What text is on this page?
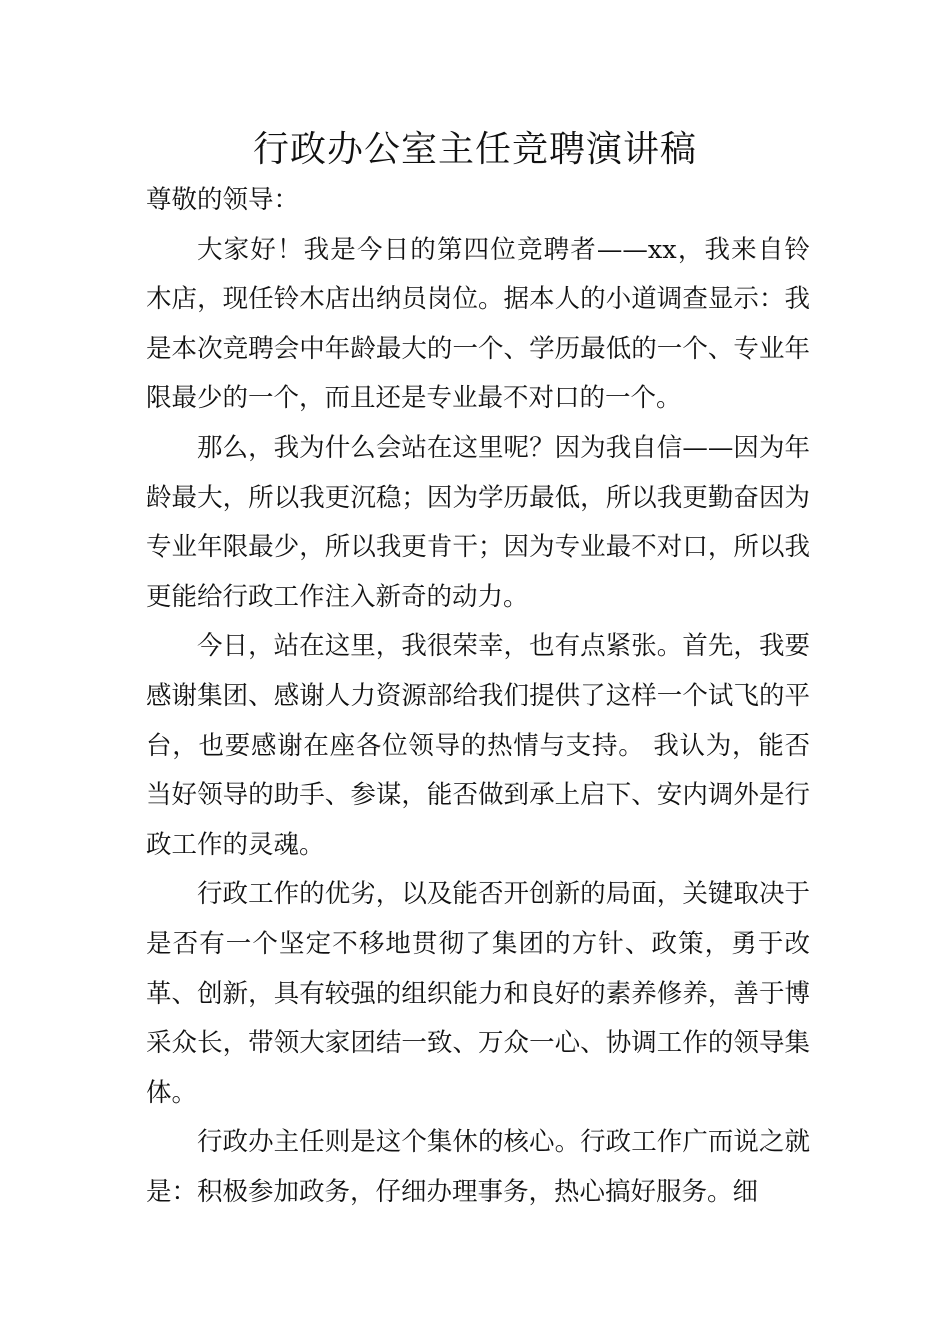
行政办公室主任竞聘演讲稿

尊敬的领导：

大家好！我是今日的第四位竞聘者——xx，我来自铃木店，现任铃木店出纳员岗位。据本人的小道调查显示：我是本次竞聘会中年龄最大的一个、学历最低的一个、专业年限最少的一个，而且还是专业最不对口的一个。

那么，我为什么会站在这里呢？因为我自信——因为年龄最大，所以我更沉稳；因为学历最低，所以我更勤奋因为专业年限最少，所以我更肯干；因为专业最不对口，所以我更能给行政工作注入新奇的动力。

今日，站在这里，我很荣幸，也有点紧张。首先，我要感谢集团、感谢人力资源部给我们提供了这样一个试飞的平台，也要感谢在座各位领导的热情与支持。 我认为，能否当好领导的助手、参谋，能否做到承上启下、安内调外是行政工作的灵魂。

行政工作的优劣，以及能否开创新的局面，关键取决于是否有一个坚定不移地贯彻了集团的方针、政策，勇于改革、创新，具有较强的组织能力和良好的素养修养，善于博采众长，带领大家团结一致、万众一心、协调工作的领导集体。

行政办主任则是这个集休的核心。行政工作广而说之就是：积极参加政务，仔细办理事务，热心搞好服务。细
